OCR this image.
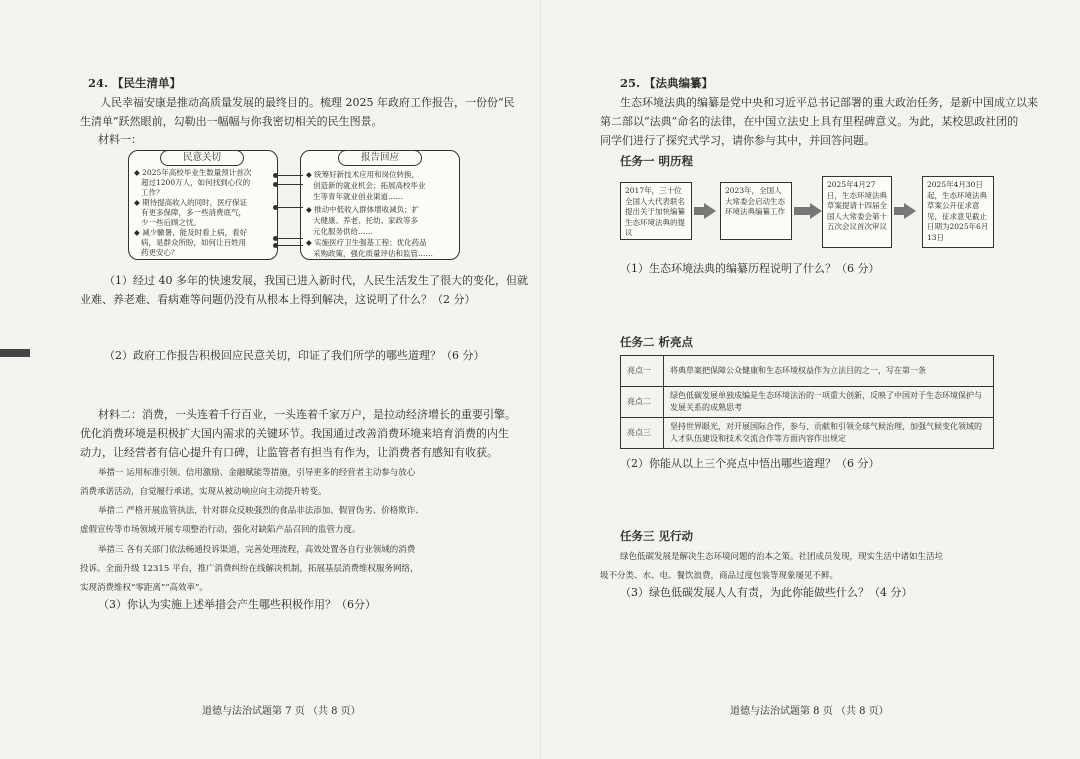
24. 【民生清单】
人民幸福安康是推动高质量发展的最终目的。梳理 2025 年政府工作报告，一份份“民
生清单”跃然眼前，勾勒出一幅幅与你我密切相关的民生图景。
材料一：
民意关切
◆ 2025年高校毕业生数量预计首次
超过1200万人，如何找到心仪的
工作？
◆ 期待提高收入的同时，医疗保证
有更多保障，多一些消费底气，
少一些后顾之忧。
◆ 减少驗暑，能及时看上病，看好
病，是群众所盼，如何让百姓用
药更安心？
报告回应
◆ 统筹好新技术应用和岗位转换，
创造新的就业机会；拓展高校毕业
生等青年就业创业渠道……
◆ 推动中低收入群体增收减负；扩
大健康、养老、托幼、家政等多
元化服务供给……
◆ 实施医疗卫生强基工程；优化药品
采购政策，强化质量评估和监管……
（1）经过 40 多年的快速发展，我国已进入新时代，人民生活发生了很大的变化，但就
业难、养老难、看病难等问题仍没有从根本上得到解决，这说明了什么？（2 分）
（2）政府工作报告积极回应民意关切，印证了我们所学的哪些道理？（6 分）
材料二：消费，一头连着千行百业，一头连着千家万户，是拉动经济增长的重要引擎。
优化消费环境是积极扩大国内需求的关键环节。我国通过改善消费环境来培育消费的内生
动力，让经营者有信心提升有口碑，让监管者有担当有作为，让消费者有感知有收获。
举措一 运用标准引领、信用激励、金融赋能等措施，引导更多的经营者主动参与放心
消费承诺活动，自觉履行承诺，实现从被动响应向主动提升转变。
举措二 严格开展监管执法，针对群众反映强烈的食品非法添加、假冒伪劣、价格欺诈、
虚假宣传等市场领域开展专项整治行动，强化对缺陷产品召回的监管力度。
举措三 各有关部门依法畅通投诉渠道，完善处理流程，高效处置各自行业领域的消费
投诉。全面升级 12315 平台，推广消费纠纷在线解决机制，拓展基层消费维权服务网络，
实现消费维权“零距离”“高效率”。
（3）你认为实施上述举措会产生哪些积极作用？（6分）
道德与法治试题第 7 页 （共 8 页）
25. 【法典编纂】
生态环境法典的编纂是党中央和习近平总书记部署的重大政治任务，是新中国成立以来
第二部以“法典”命名的法律，在中国立法史上具有里程碑意义。为此，某校思政社团的
同学们进行了探究式学习，请你参与其中，并回答问题。
任务一 明历程
2017年，三十位全国人大代表联名提出关于加快编纂生态环境法典的提议
2023年，全国人大常委会启动生态环境法典编纂工作
2025年4月27日，生态环境法典草案提请十四届全国人大常委会第十五次会议首次审议
2025年4月30日起，生态环境法典草案公开征求意见，征求意见截止日期为2025年6月13日
（1）生态环境法典的编纂历程说明了什么？（6 分）
任务二 析亮点
亮点一	将典草案把保障公众健康和生态环境权益作为立法目的之一，写在第一条
亮点二	绿色低碳发展单独成编是生态环境法治的一项重大创新，反映了中国对于生态环境保护与发展关系的成熟思考
亮点三	坚持世界眼光，对开展国际合作，参与、贡献和引领全球气候治理，加强气候变化领域的人才队伍建设和技术交流合作等方面内容作出规定
（2）你能从以上三个亮点中悟出哪些道理？（6 分）
任务三 见行动
绿色低碳发展是解决生态环境问题的治本之策。社团成员发现，现实生活中诸如生活垃
圾不分类、水、电、餐饮浪费，商品过度包装等现象屡见不鲜。
（3）绿色低碳发展人人有责，为此你能做些什么？（4 分）
道德与法治试题第 8 页 （共 8 页）
